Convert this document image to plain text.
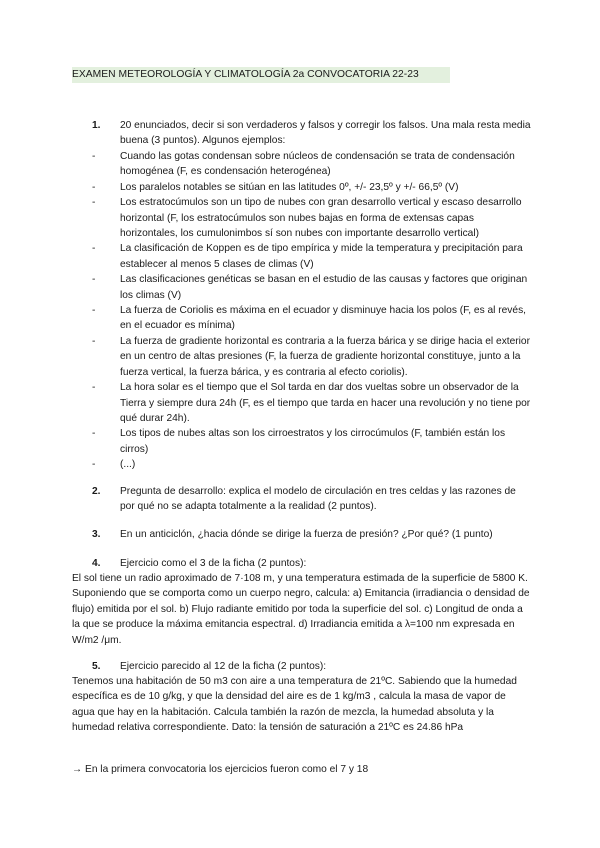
EXAMEN METEOROLOGÍA Y CLIMATOLOGÍA 2a CONVOCATORIA 22-23
1. 20 enunciados, decir si son verdaderos y falsos y corregir los falsos. Una mala resta media buena (3 puntos). Algunos ejemplos:
- Cuando las gotas condensan sobre núcleos de condensación se trata de condensación homogénea (F, es condensación heterogénea)
- Los paralelos notables se sitúan en las latitudes 0º, +/- 23,5º y +/- 66,5º (V)
- Los estratocúmulos son un tipo de nubes con gran desarrollo vertical y escaso desarrollo horizontal (F, los estratocúmulos son nubes bajas en forma de extensas capas horizontales, los cumulonimbos sí son nubes con importante desarrollo vertical)
- La clasificación de Koppen es de tipo empírica y mide la temperatura y precipitación para establecer al menos 5 clases de climas (V)
- Las clasificaciones genéticas se basan en el estudio de las causas y factores que originan los climas (V)
- La fuerza de Coriolis es máxima en el ecuador y disminuye hacia los polos (F, es al revés, en el ecuador es mínima)
- La fuerza de gradiente horizontal es contraria a la fuerza bárica y se dirige hacia el exterior en un centro de altas presiones (F, la fuerza de gradiente horizontal constituye, junto a la fuerza vertical, la fuerza bárica, y es contraria al efecto coriolis).
- La hora solar es el tiempo que el Sol tarda en dar dos vueltas sobre un observador de la Tierra y siempre dura 24h (F, es el tiempo que tarda en hacer una revolución y no tiene por qué durar 24h).
- Los tipos de nubes altas son los cirroestratos y los cirrocúmulos (F, también están los cirros)
- (...)
2. Pregunta de desarrollo: explica el modelo de circulación en tres celdas y las razones de por qué no se adapta totalmente a la realidad (2 puntos).
3. En un anticiclón, ¿hacia dónde se dirige la fuerza de presión? ¿Por qué? (1 punto)
4. Ejercicio como el 3 de la ficha (2 puntos):
El sol tiene un radio aproximado de 7·108 m, y una temperatura estimada de la superficie de 5800 K. Suponiendo que se comporta como un cuerpo negro, calcula: a) Emitancia (irradiancia o densidad de flujo) emitida por el sol. b) Flujo radiante emitido por toda la superficie del sol. c) Longitud de onda a la que se produce la máxima emitancia espectral. d) Irradiancia emitida a λ=100 nm expresada en W/m2 /μm.
5. Ejercicio parecido al 12 de la ficha (2 puntos):
Tenemos una habitación de 50 m3 con aire a una temperatura de 21ºC. Sabiendo que la humedad específica es de 10 g/kg, y que la densidad del aire es de 1 kg/m3 , calcula la masa de vapor de agua que hay en la habitación. Calcula también la razón de mezcla, la humedad absoluta y la humedad relativa correspondiente. Dato: la tensión de saturación a 21ºC es 24.86 hPa
→ En la primera convocatoria los ejercicios fueron como el 7 y 18
